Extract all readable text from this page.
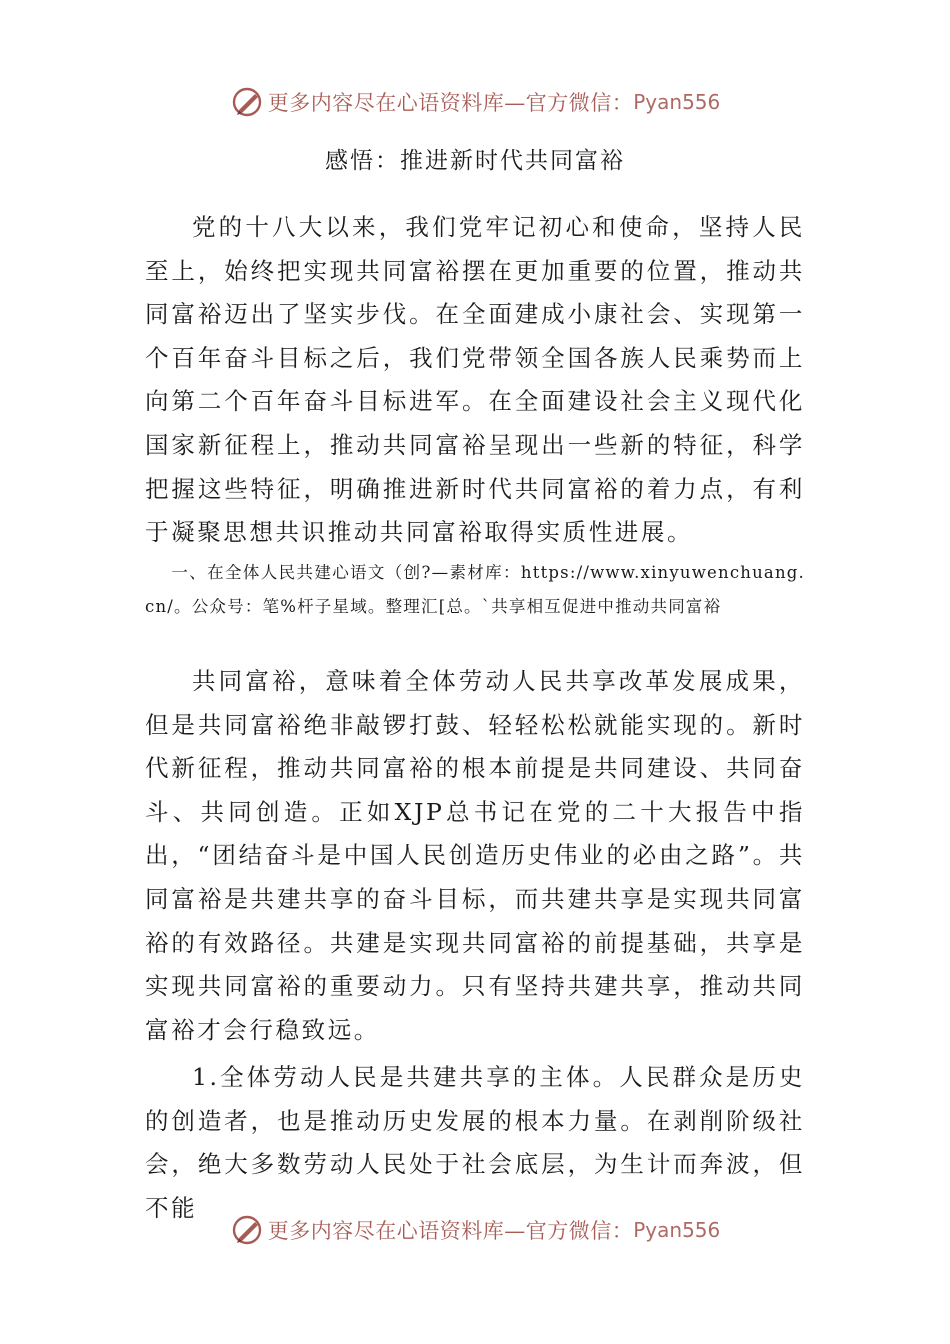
更多内容尽在心语资料库—官方微信： Pyan556
感悟：推进新时代共同富裕

党的十八大以来，我们党牢记初心和使命，坚持人民至上，始终把实现共同富裕摆在更加重要的位置，推动共同富裕迈出了坚实步伐。在全面建成小康社会、实现第一个百年奋斗目标之后，我们党带领全国各族人民乘势而上向第二个百年奋斗目标进军。在全面建设社会主义现代化国家新征程上，推动共同富裕呈现出一些新的特征，科学把握这些特征，明确推进新时代共同富裕的着力点，有利于凝聚思想共识推动共同富裕取得实质性进展。

一、在全体人民共建心语文（创?—素材库：https://www.xinyuwenchuang.cn/。公众号：笔%杆子星域。整理汇[总。`共享相互促进中推动共同富裕

共同富裕，意味着全体劳动人民共享改革发展成果，但是共同富裕绝非敲锣打鼓、轻轻松松就能实现的。新时代新征程，推动共同富裕的根本前提是共同建设、共同奋斗、共同创造。正如XJP总书记在党的二十大报告中指出，“团结奋斗是中国人民创造历史伟业的必由之路”。共同富裕是共建共享的奋斗目标，而共建共享是实现共同富裕的有效路径。共建是实现共同富裕的前提基础，共享是实现共同富裕的重要动力。只有坚持共建共享，推动共同富裕才会行稳致远。

1.全体劳动人民是共建共享的主体。人民群众是历史的创造者，也是推动历史发展的根本力量。在剥削阶级社会，绝大多数劳动人民处于社会底层，为生计而奔波，但不能

更多内容尽在心语资料库—官方微信： Pyan556
